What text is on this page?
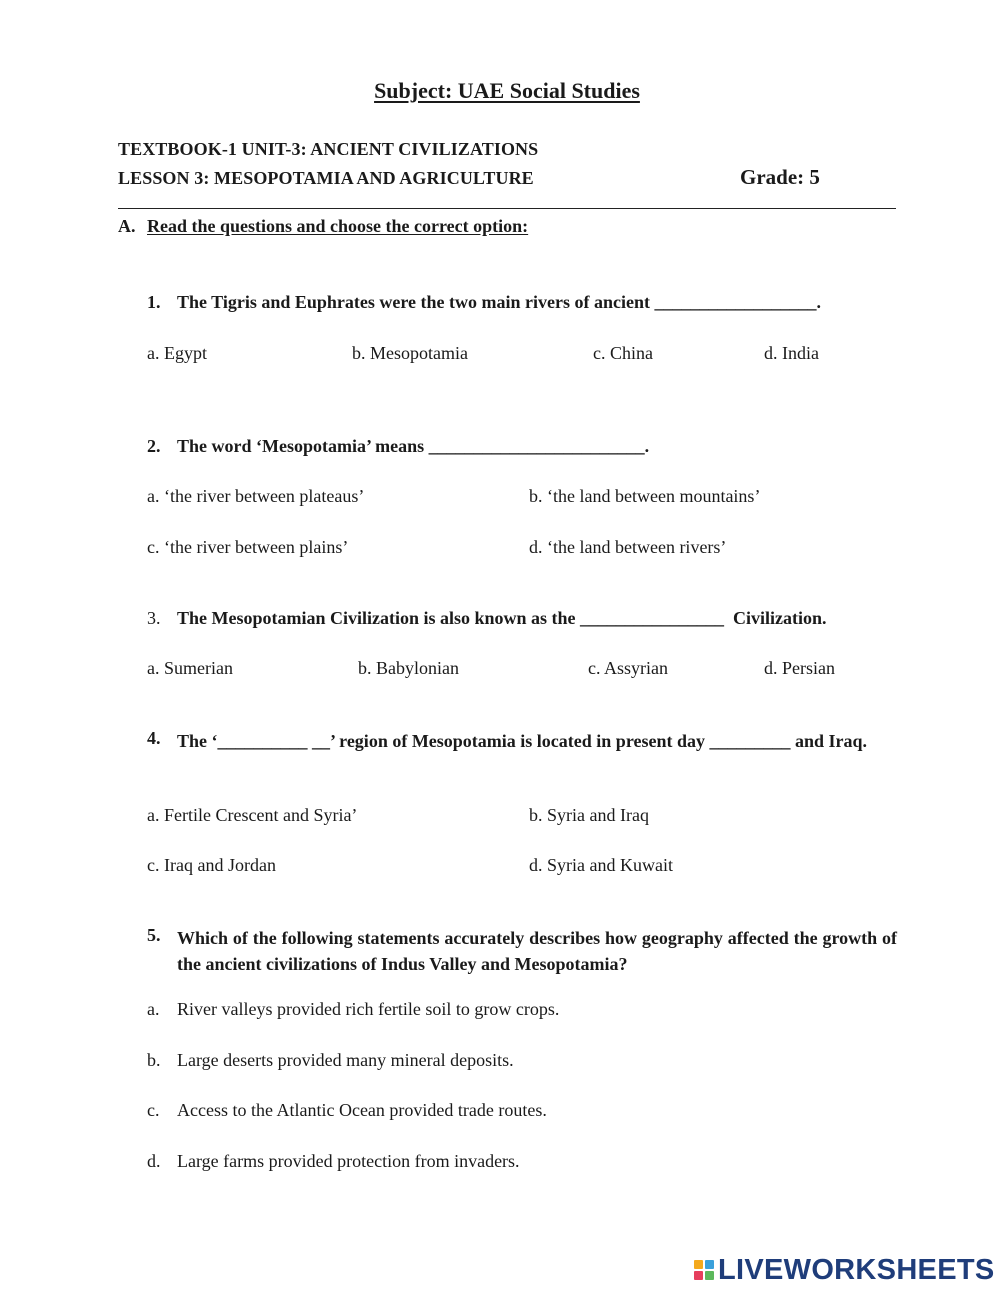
Subject: UAE Social Studies
TEXTBOOK-1 UNIT-3: ANCIENT CIVILIZATIONS
LESSON 3: MESOPOTAMIA AND AGRICULTURE	Grade: 5
A. Read the questions and choose the correct option:
1. The Tigris and Euphrates were the two main rivers of ancient __________________.
a. Egypt	b. Mesopotamia	c. China	d. India
2. The word ‘Mesopotamia’ means ________________________.
a. ‘the river between plateaus’	b. ‘the land between mountains’
c. ‘the river between plains’	d. ‘the land between rivers’
3. The Mesopotamian Civilization is also known as the ________________  Civilization.
a. Sumerian	b. Babylonian	c. Assyrian	d. Persian
4. The ‘__________ __’ region of Mesopotamia is located in present day _________ and Iraq.
a. Fertile Crescent and Syria’	b. Syria and Iraq
c. Iraq and Jordan	d. Syria and Kuwait
5. Which of the following statements accurately describes how geography affected the growth of the ancient civilizations of Indus Valley and Mesopotamia?
a. River valleys provided rich fertile soil to grow crops.
b. Large deserts provided many mineral deposits.
c. Access to the Atlantic Ocean provided trade routes.
d. Large farms provided protection from invaders.
LIVEWORKSHEETS
